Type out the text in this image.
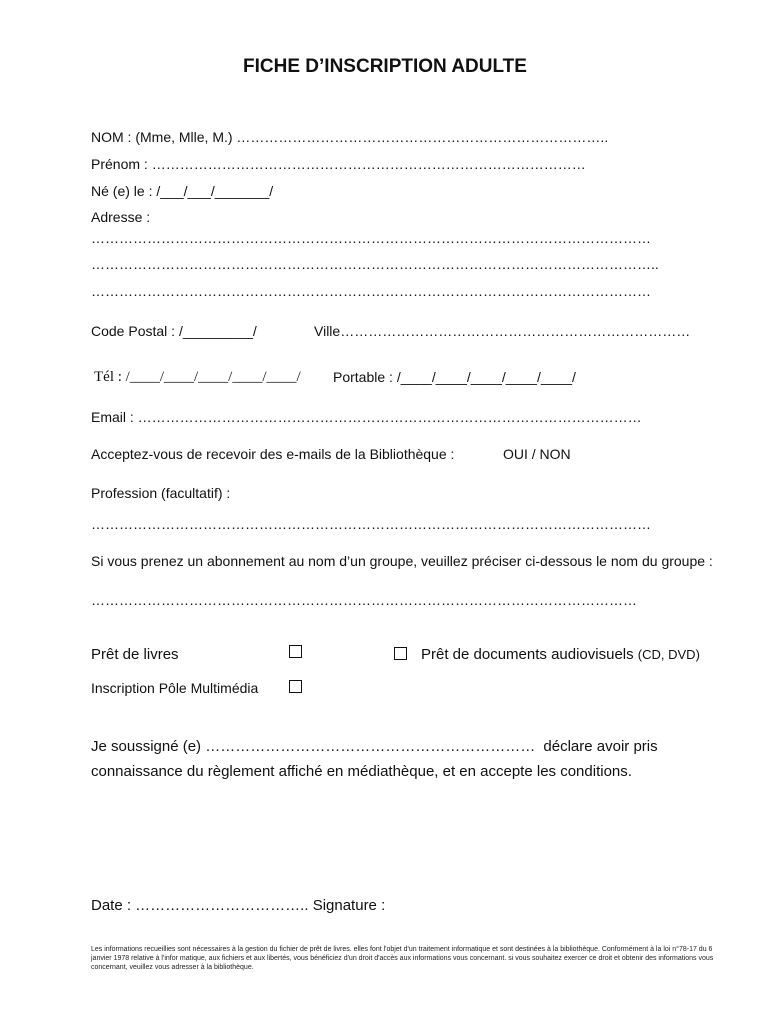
FICHE D’INSCRIPTION ADULTE
NOM : (Mme, Mlle, M.) ……………………………………………………………………..
Prénom : …………………………………………………………………………………
Né (e) le : /___/___/_______/
Adresse :
…………………………………………………………………………………………………………
…………………………………………………………………………………………………………..
…………………………………………………………………………………………………………
Code Postal : /_________/	Ville…………………………………………………………………
Tél : /____/____/____/____/____/ Portable : /____/____/____/____/____/
Email : ………………………………………………………………………………………………
Acceptez-vous de recevoir des e-mails de la Bibliothèque :	OUI / NON
Profession (facultatif) :
…………………………………………………………………………………………………………
Si vous prenez un abonnement au nom d’un groupe, veuillez préciser ci-dessous le nom du groupe :
………………………………………………………………………………………………………
Prêt de livres	Prêt de documents audiovisuels (CD, DVD)
Inscription Pôle Multimédia
Je soussigné (e) ………………………………………………………… déclare avoir pris
connaissance du règlement affiché en médiathèque, et en accepte les conditions.
Date : …………………………….. Signature :
Les informations recueillies sont nécessaires à la gestion du fichier de prêt de livres. elles font l'objet d'un traitement informatique et sont destinées à la bibliothèque. Conformément à la loi n°78-17 du 6 janvier 1978 relative à l'infor matique, aux fichiers et aux libertés, vous bénéficiez d'un droit d'accès aux informations vous concernant. si vous souhaitez exercer ce droit et obtenir des informations vous concernant, veuillez vous adresser à la bibliothèque.
